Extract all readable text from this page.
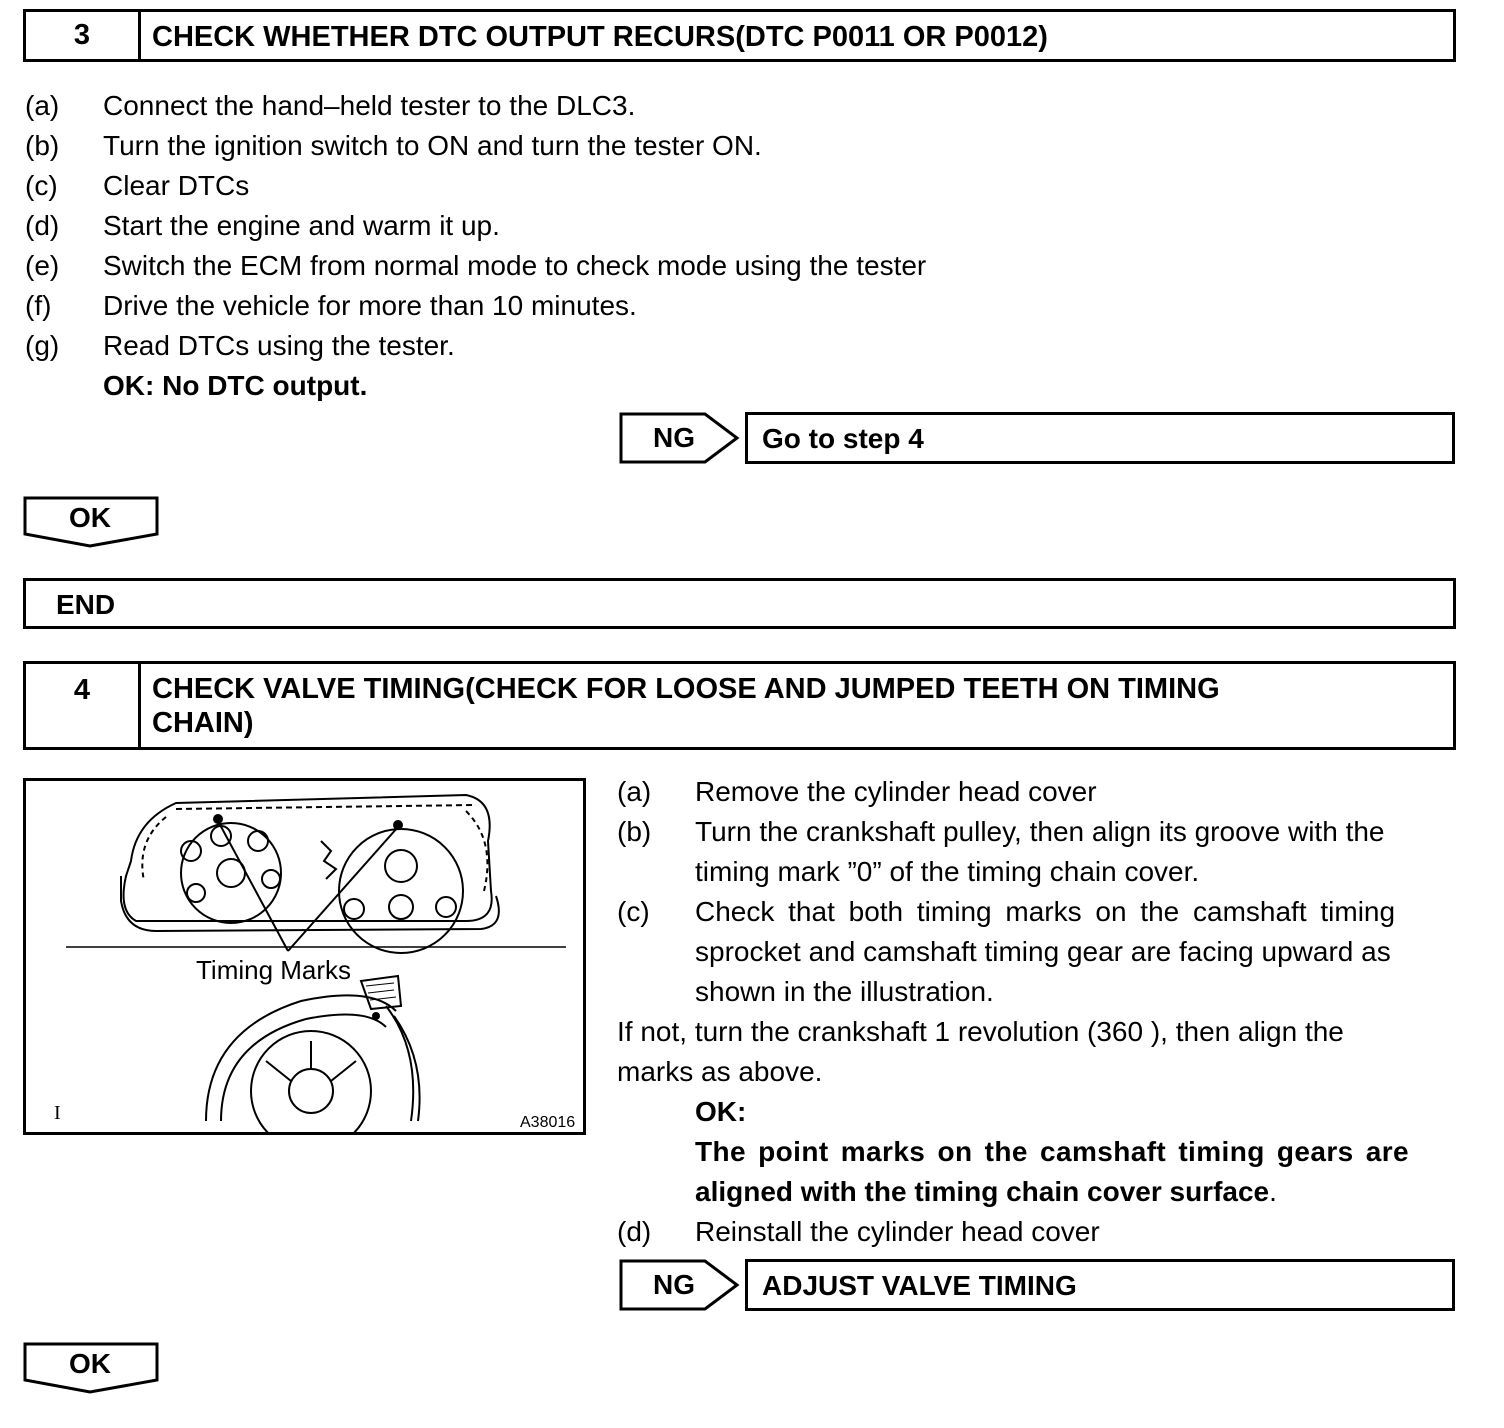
3	CHECK WHETHER DTC OUTPUT RECURS(DTC P0011 OR P0012)
(a) Connect the hand–held tester to the DLC3.
(b) Turn the ignition switch to ON and turn the tester ON.
(c) Clear DTCs
(d) Start the engine and warm it up.
(e) Switch the ECM from normal mode to check mode using the tester
(f) Drive the vehicle for more than 10 minutes.
(g) Read DTCs using the tester.
OK: No DTC output.
NG	Go to step 4
OK
END
4	CHECK VALVE TIMING(CHECK FOR LOOSE AND JUMPED TEETH ON TIMING
CHAIN)
Timing Marks
I	A38016
(a) Remove the cylinder head cover
(b) Turn the crankshaft pulley, then align its groove with the
timing mark ”0” of the timing chain cover.
(c) Check that both timing marks on the camshaft timing
sprocket and camshaft timing gear are facing upward as
shown in the illustration.
If not, turn the crankshaft 1 revolution (360 ), then align the
marks as above.
OK:
The point marks on the camshaft timing gears are
aligned with the timing chain cover surface.
(d) Reinstall the cylinder head cover
NG	ADJUST VALVE TIMING
OK
